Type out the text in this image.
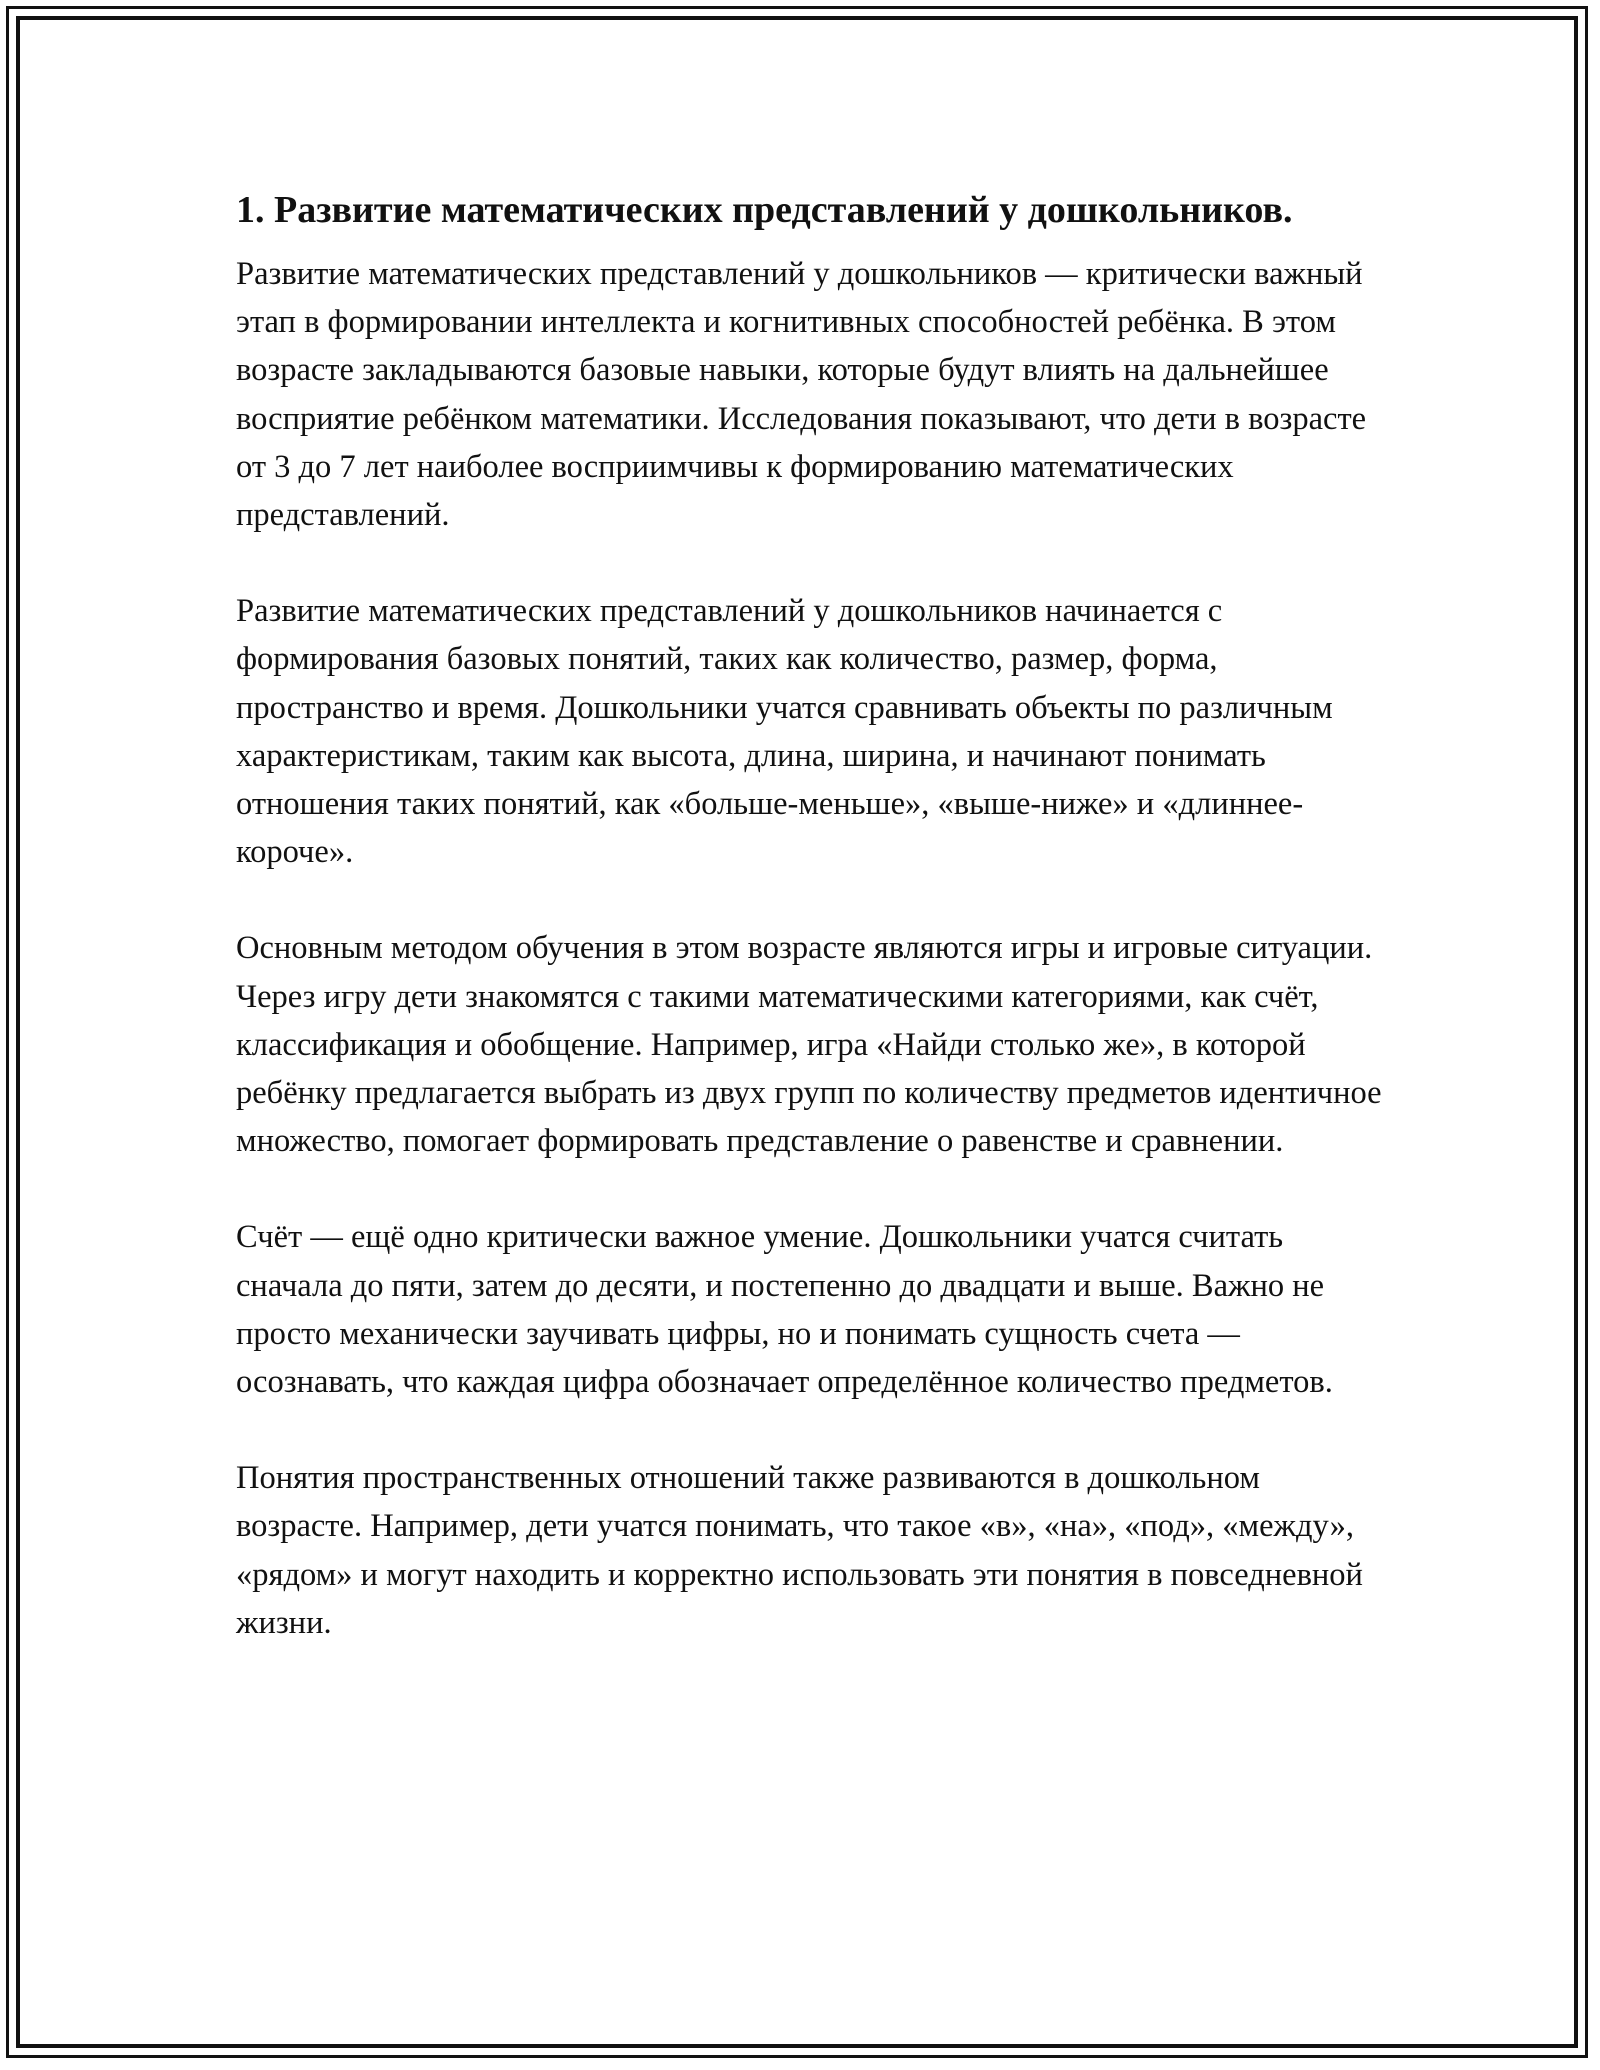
1. Развитие математических представлений у дошкольников.

Развитие математических представлений у дошкольников — критически важный этап в формировании интеллекта и когнитивных способностей ребёнка. В этом возрасте закладываются базовые навыки, которые будут влиять на дальнейшее восприятие ребёнком математики. Исследования показывают, что дети в возрасте от 3 до 7 лет наиболее восприимчивы к формированию математических представлений.

Развитие математических представлений у дошкольников начинается с формирования базовых понятий, таких как количество, размер, форма, пространство и время. Дошкольники учатся сравнивать объекты по различным характеристикам, таким как высота, длина, ширина, и начинают понимать отношения таких понятий, как «больше-меньше», «выше-ниже» и «длиннее-короче».

Основным методом обучения в этом возрасте являются игры и игровые ситуации. Через игру дети знакомятся с такими математическими категориями, как счёт, классификация и обобщение. Например, игра «Найди столько же», в которой ребёнку предлагается выбрать из двух групп по количеству предметов идентичное множество, помогает формировать представление о равенстве и сравнении.

Счёт — ещё одно критически важное умение. Дошкольники учатся считать сначала до пяти, затем до десяти, и постепенно до двадцати и выше. Важно не просто механически заучивать цифры, но и понимать сущность счета — осознавать, что каждая цифра обозначает определённое количество предметов.

Понятия пространственных отношений также развиваются в дошкольном возрасте. Например, дети учатся понимать, что такое «в», «на», «под», «между», «рядом» и могут находить и корректно использовать эти понятия в повседневной жизни.
